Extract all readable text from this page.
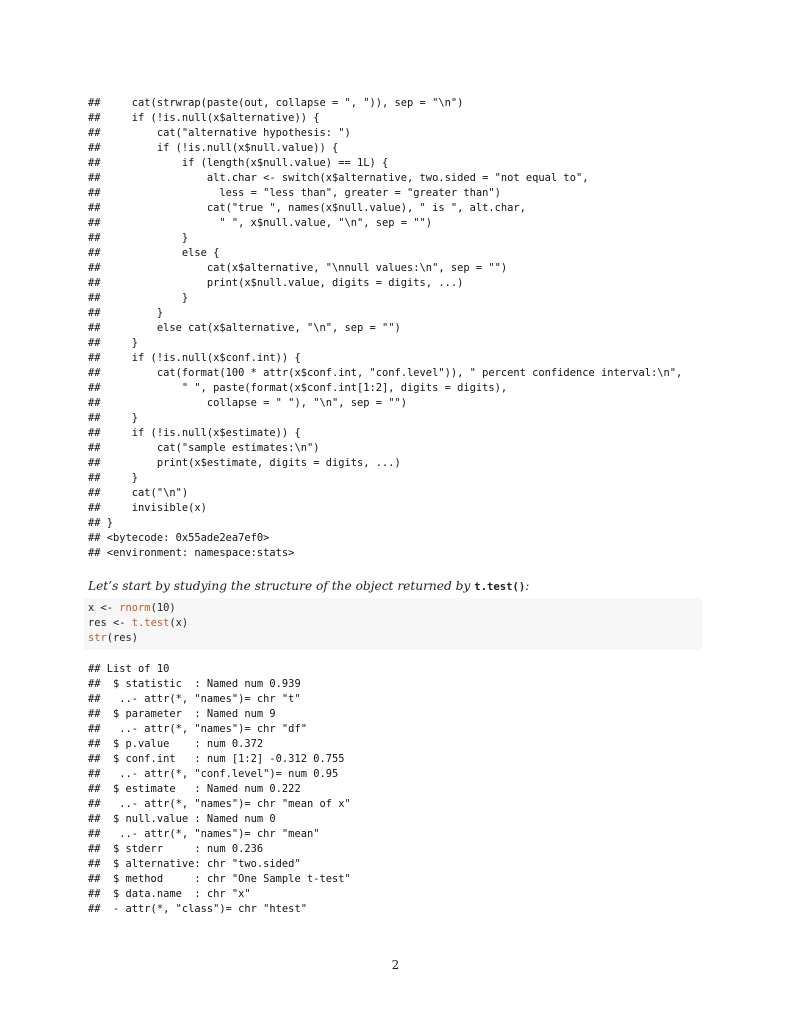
##     cat(strwrap(paste(out, collapse = ", ")), sep = "\n")
##     if (!is.null(x$alternative)) {
##         cat("alternative hypothesis: ")
##         if (!is.null(x$null.value)) {
##             if (length(x$null.value) == 1L) {
##                 alt.char <- switch(x$alternative, two.sided = "not equal to",
##                   less = "less than", greater = "greater than")
##                 cat("true ", names(x$null.value), " is ", alt.char,
##                   " ", x$null.value, "\n", sep = "")
##             }
##             else {
##                 cat(x$alternative, "\nnull values:\n", sep = "")
##                 print(x$null.value, digits = digits, ...)
##             }
##         }
##         else cat(x$alternative, "\n", sep = "")
##     }
##     if (!is.null(x$conf.int)) {
##         cat(format(100 * attr(x$conf.int, "conf.level")), " percent confidence interval:\n",
##             " ", paste(format(x$conf.int[1:2], digits = digits),
##                 collapse = " "), "\n", sep = "")
##     }
##     if (!is.null(x$estimate)) {
##         cat("sample estimates:\n")
##         print(x$estimate, digits = digits, ...)
##     }
##     cat("\n")
##     invisible(x)
## }
## <bytecode: 0x55ade2ea7ef0>
## <environment: namespace:stats>

Let’s start by studying the structure of the object returned by t.test():

x <- rnorm(10)
res <- t.test(x)
str(res)

## List of 10
##  $ statistic  : Named num 0.939
##   ..- attr(*, "names")= chr "t"
##  $ parameter  : Named num 9
##   ..- attr(*, "names")= chr "df"
##  $ p.value    : num 0.372
##  $ conf.int   : num [1:2] -0.312 0.755
##   ..- attr(*, "conf.level")= num 0.95
##  $ estimate   : Named num 0.222
##   ..- attr(*, "names")= chr "mean of x"
##  $ null.value : Named num 0
##   ..- attr(*, "names")= chr "mean"
##  $ stderr     : num 0.236
##  $ alternative: chr "two.sided"
##  $ method     : chr "One Sample t-test"
##  $ data.name  : chr "x"
##  - attr(*, "class")= chr "htest"

2
